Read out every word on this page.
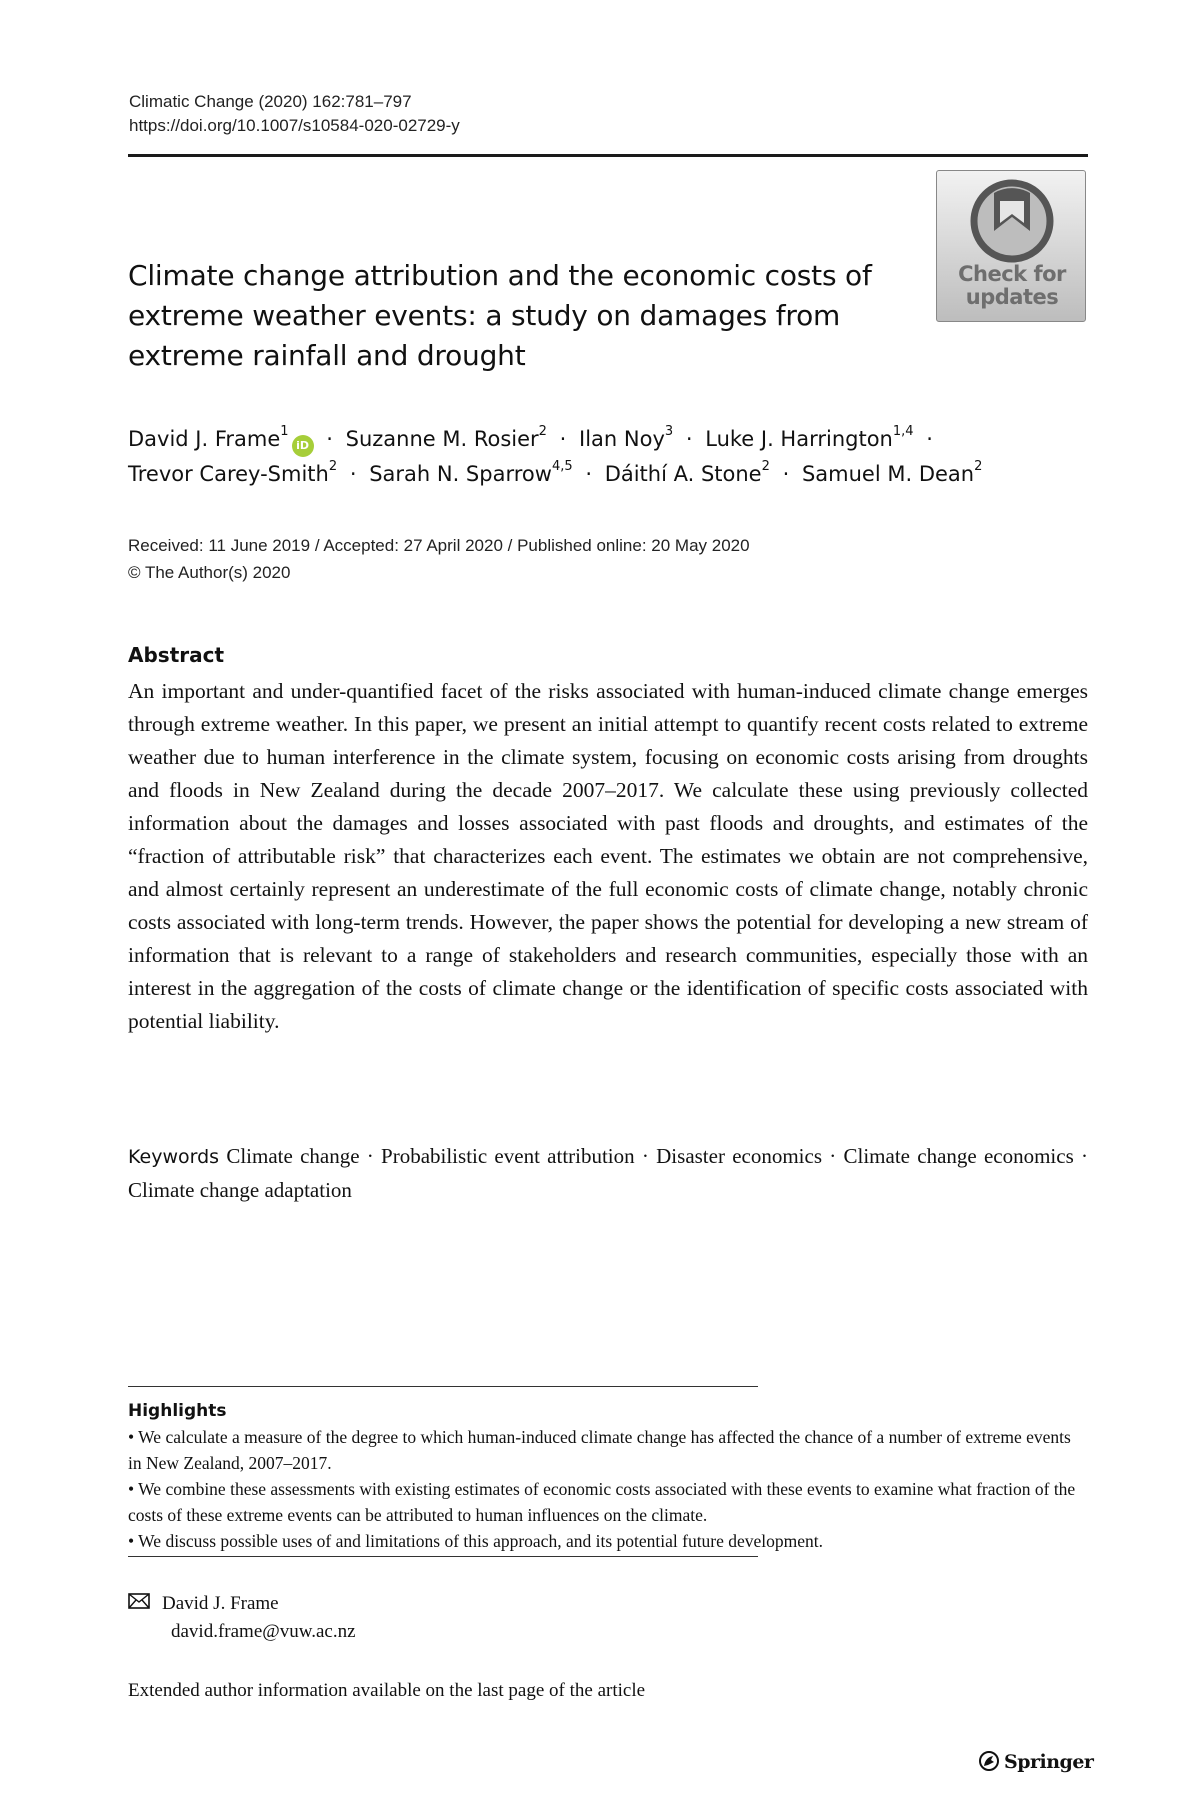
Climatic Change (2020) 162:781–797
https://doi.org/10.1007/s10584-020-02729-y
Check for
updates
Climate change attribution and the economic costs of extreme weather events: a study on damages from extreme rainfall and drought
David J. Frame$^1$iD · Suzanne M. Rosier$^2$ · Ilan Noy$^3$ · Luke J. Harrington$^{1,4}$ ·
Trevor Carey-Smith$^2$ · Sarah N. Sparrow$^{4,5}$ · Dáithí A. Stone$^2$ · Samuel M. Dean$^2$
Received: 11 June 2019 / Accepted: 27 April 2020 / Published online: 20 May 2020
© The Author(s) 2020
Abstract

An important and under-quantified facet of the risks associated with human-induced climate change emerges through extreme weather. In this paper, we present an initial attempt to quantify recent costs related to extreme weather due to human interference in the climate system, focusing on economic costs arising from droughts and floods in New Zealand during the decade 2007–2017. We calculate these using previously collected information about the damages and losses associated with past floods and droughts, and estimates of the “fraction of attributable risk” that characterizes each event. The estimates we obtain are not comprehensive, and almost certainly represent an underestimate of the full economic costs of climate change, notably chronic costs associated with long-term trends. However, the paper shows the potential for developing a new stream of information that is relevant to a range of stakeholders and research communities, especially those with an interest in the aggregation of the costs of climate change or the identification of specific costs associated with potential liability.

Keywords Climate change · Probabilistic event attribution · Disaster economics · Climate change economics · Climate change adaptation
Highlights

• We calculate a measure of the degree to which human-induced climate change has affected the chance of a number of extreme events in New Zealand, 2007–2017.

• We combine these assessments with existing estimates of economic costs associated with these events to examine what fraction of the costs of these extreme events can be attributed to human influences on the climate.

• We discuss possible uses of and limitations of this approach, and its potential future development.

David J. Frame
david.frame@vuw.ac.nz
Extended author information available on the last page of the article
Springer
